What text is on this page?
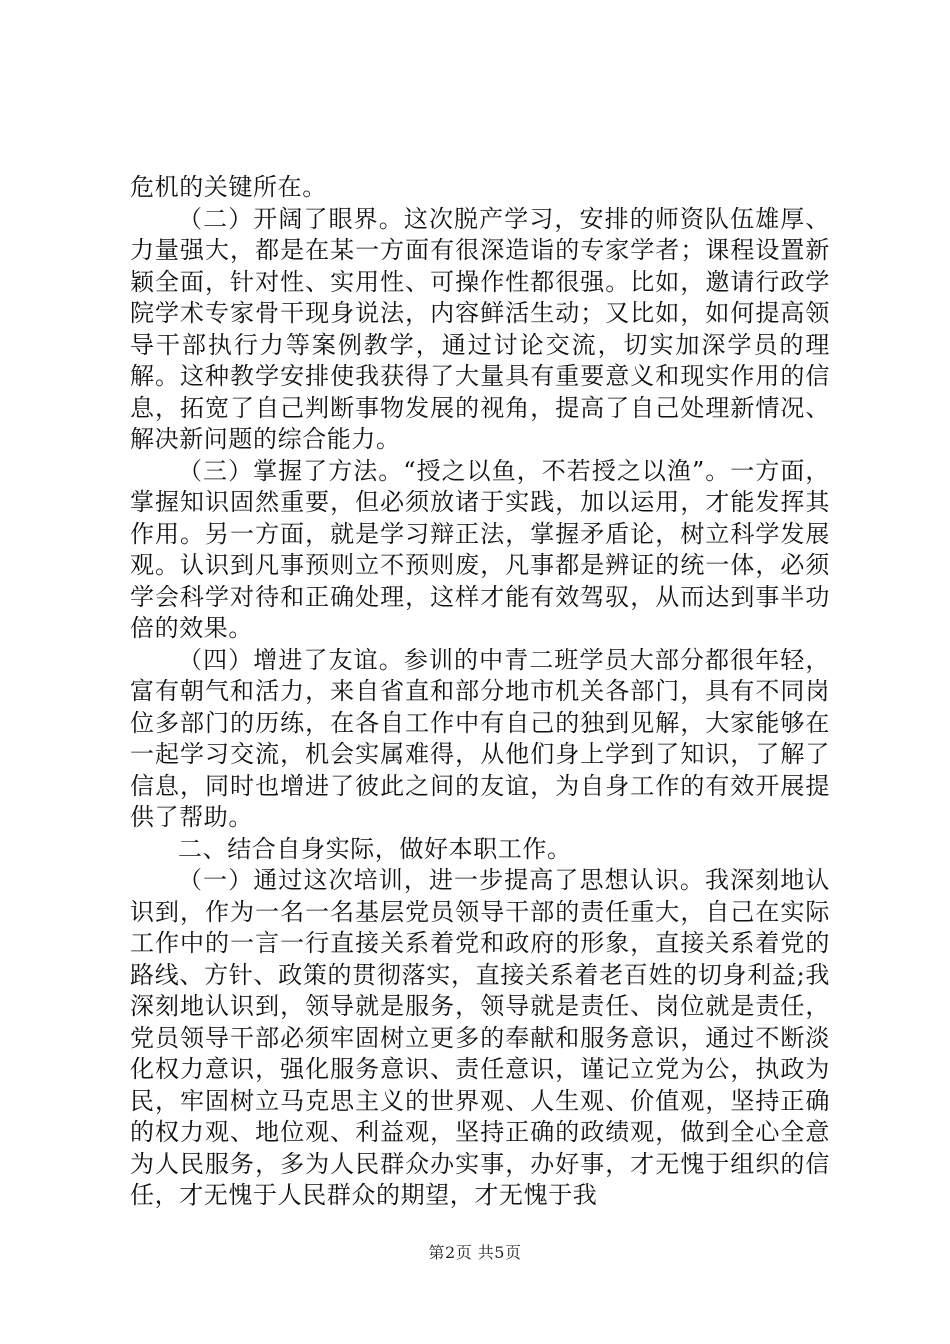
危机的关键所在。

（二）开阔了眼界。这次脱产学习，安排的师资队伍雄厚、力量强大，都是在某一方面有很深造诣的专家学者；课程设置新颖全面，针对性、实用性、可操作性都很强。比如，邀请行政学院学术专家骨干现身说法，内容鲜活生动；又比如，如何提高领导干部执行力等案例教学，通过讨论交流，切实加深学员的理解。这种教学安排使我获得了大量具有重要意义和现实作用的信息，拓宽了自己判断事物发展的视角，提高了自己处理新情况、解决新问题的综合能力。

（三）掌握了方法。“授之以鱼，不若授之以渔”。一方面，掌握知识固然重要，但必须放诸于实践，加以运用，才能发挥其作用。另一方面，就是学习辩正法，掌握矛盾论，树立科学发展观。认识到凡事预则立不预则废，凡事都是辨证的统一体，必须学会科学对待和正确处理，这样才能有效驾驭，从而达到事半功倍的效果。

（四）增进了友谊。参训的中青二班学员大部分都很年轻，富有朝气和活力，来自省直和部分地市机关各部门，具有不同岗位多部门的历练，在各自工作中有自己的独到见解，大家能够在一起学习交流，机会实属难得，从他们身上学到了知识，了解了信息，同时也增进了彼此之间的友谊，为自身工作的有效开展提供了帮助。

二、结合自身实际，做好本职工作。

（一）通过这次培训，进一步提高了思想认识。我深刻地认识到，作为一名一名基层党员领导干部的责任重大，自己在实际工作中的一言一行直接关系着党和政府的形象，直接关系着党的路线、方针、政策的贯彻落实，直接关系着老百姓的切身利益;我深刻地认识到，领导就是服务，领导就是责任、岗位就是责任，党员领导干部必须牢固树立更多的奉献和服务意识，通过不断淡化权力意识，强化服务意识、责任意识，谨记立党为公，执政为民，牢固树立马克思主义的世界观、人生观、价值观，坚持正确的权力观、地位观、利益观，坚持正确的政绩观，做到全心全意为人民服务，多为人民群众办实事，办好事，才无愧于组织的信任，才无愧于人民群众的期望，才无愧于我

第2页 共5页
